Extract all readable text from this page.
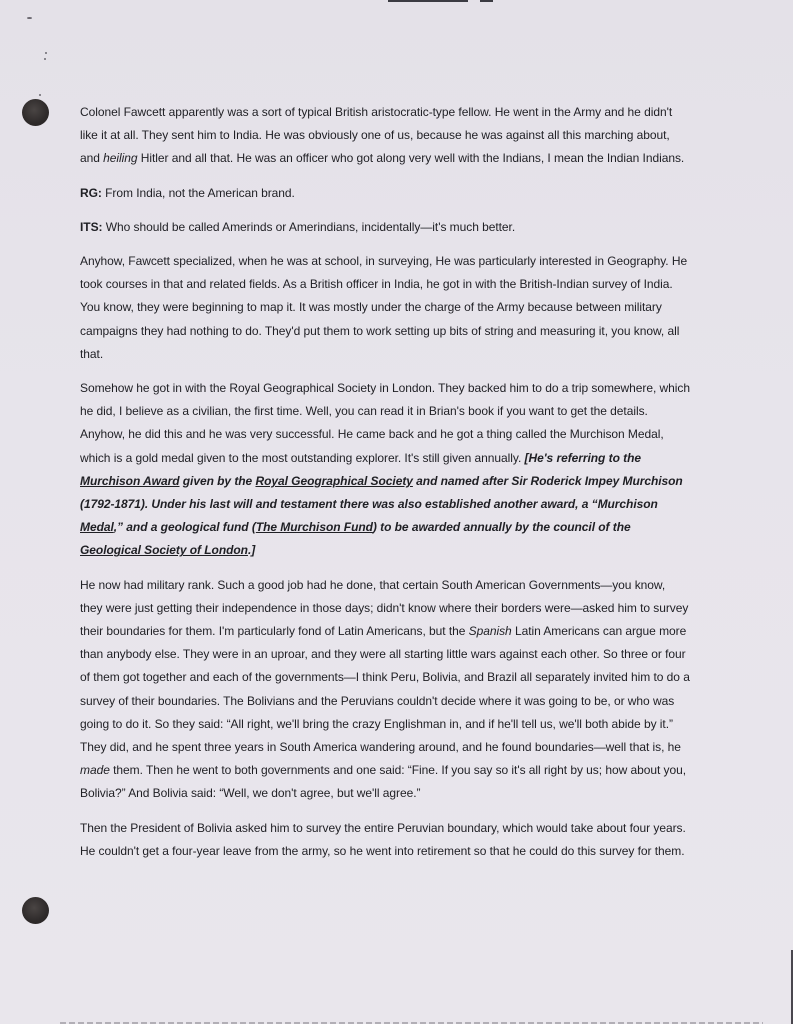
Colonel Fawcett apparently was a sort of typical British aristocratic-type fellow. He went in the Army and he didn't like it at all. They sent him to India. He was obviously one of us, because he was against all this marching about, and heiling Hitler and all that. He was an officer who got along very well with the Indians, I mean the Indian Indians.

RG: From India, not the American brand.

ITS: Who should be called Amerinds or Amerindians, incidentally—it's much better.

Anyhow, Fawcett specialized, when he was at school, in surveying, He was particularly interested in Geography. He took courses in that and related fields. As a British officer in India, he got in with the British-Indian survey of India. You know, they were beginning to map it. It was mostly under the charge of the Army because between military campaigns they had nothing to do. They'd put them to work setting up bits of string and measuring it, you know, all that.

Somehow he got in with the Royal Geographical Society in London. They backed him to do a trip somewhere, which he did, I believe as a civilian, the first time. Well, you can read it in Brian's book if you want to get the details. Anyhow, he did this and he was very successful. He came back and he got a thing called the Murchison Medal, which is a gold medal given to the most outstanding explorer. It's still given annually. [He's referring to the Murchison Award given by the Royal Geographical Society and named after Sir Roderick Impey Murchison (1792-1871). Under his last will and testament there was also established another award, a “Murchison Medal,” and a geological fund (The Murchison Fund) to be awarded annually by the council of the Geological Society of London.]

He now had military rank. Such a good job had he done, that certain South American Governments—you know, they were just getting their independence in those days; didn't know where their borders were—asked him to survey their boundaries for them. I'm particularly fond of Latin Americans, but the Spanish Latin Americans can argue more than anybody else. They were in an uproar, and they were all starting little wars against each other. So three or four of them got together and each of the governments—I think Peru, Bolivia, and Brazil all separately invited him to do a survey of their boundaries. The Bolivians and the Peruvians couldn't decide where it was going to be, or who was going to do it. So they said: “All right, we'll bring the crazy Englishman in, and if he'll tell us, we'll both abide by it.” They did, and he spent three years in South America wandering around, and he found boundaries—well that is, he made them. Then he went to both governments and one said: “Fine. If you say so it's all right by us; how about you, Bolivia?” And Bolivia said: “Well, we don't agree, but we'll agree.”

Then the President of Bolivia asked him to survey the entire Peruvian boundary, which would take about four years. He couldn't get a four-year leave from the army, so he went into retirement so that he could do this survey for them.
